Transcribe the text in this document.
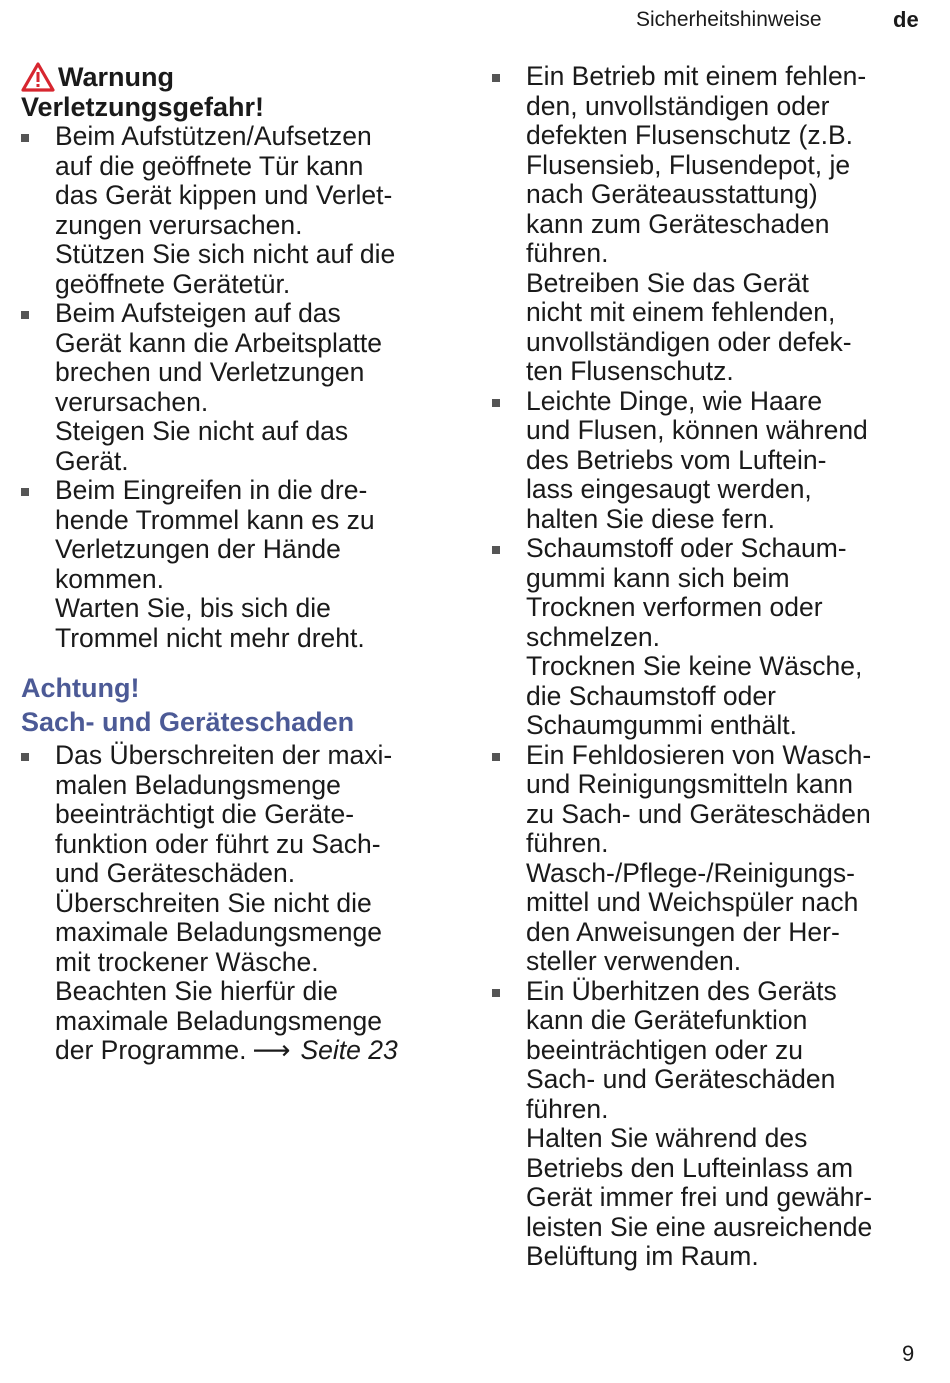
Sicherheitshinweise	de
Warnung
Verletzungsgefahr!
Beim Aufstützen/Aufsetzen
auf die geöffnete Tür kann
das Gerät kippen und Verlet-
zungen verursachen.
Stützen Sie sich nicht auf die
geöffnete Gerätetür.
Beim Aufsteigen auf das
Gerät kann die Arbeitsplatte
brechen und Verletzungen
verursachen.
Steigen Sie nicht auf das
Gerät.
Beim Eingreifen in die dre-
hende Trommel kann es zu
Verletzungen der Hände
kommen.
Warten Sie, bis sich die
Trommel nicht mehr dreht.
Achtung!
Sach- und Geräteschaden
Das Überschreiten der maxi-
malen Beladungsmenge
beeinträchtigt die Geräte-
funktion oder führt zu Sach-
und Geräteschäden.
Überschreiten Sie nicht die
maximale Beladungsmenge
mit trockener Wäsche.
Beachten Sie hierfür die
maximale Beladungsmenge
der Programme. ⟶ Seite 23
Ein Betrieb mit einem fehlen-
den, unvollständigen oder
defekten Flusenschutz (z.B.
Flusensieb, Flusendepot, je
nach Geräteausstattung)
kann zum Geräteschaden
führen.
Betreiben Sie das Gerät
nicht mit einem fehlenden,
unvollständigen oder defek-
ten Flusenschutz.
Leichte Dinge, wie Haare
und Flusen, können während
des Betriebs vom Luftein-
lass eingesaugt werden,
halten Sie diese fern.
Schaumstoff oder Schaum-
gummi kann sich beim
Trocknen verformen oder
schmelzen.
Trocknen Sie keine Wäsche,
die Schaumstoff oder
Schaumgummi enthält.
Ein Fehldosieren von Wasch-
und Reinigungsmitteln kann
zu Sach- und Geräteschäden
führen.
Wasch-/Pflege-/Reinigungs-
mittel und Weichspüler nach
den Anweisungen der Her-
steller verwenden.
Ein Überhitzen des Geräts
kann die Gerätefunktion
beeinträchtigen oder zu
Sach- und Geräteschäden
führen.
Halten Sie während des
Betriebs den Lufteinlass am
Gerät immer frei und gewähr-
leisten Sie eine ausreichende
Belüftung im Raum.
9
